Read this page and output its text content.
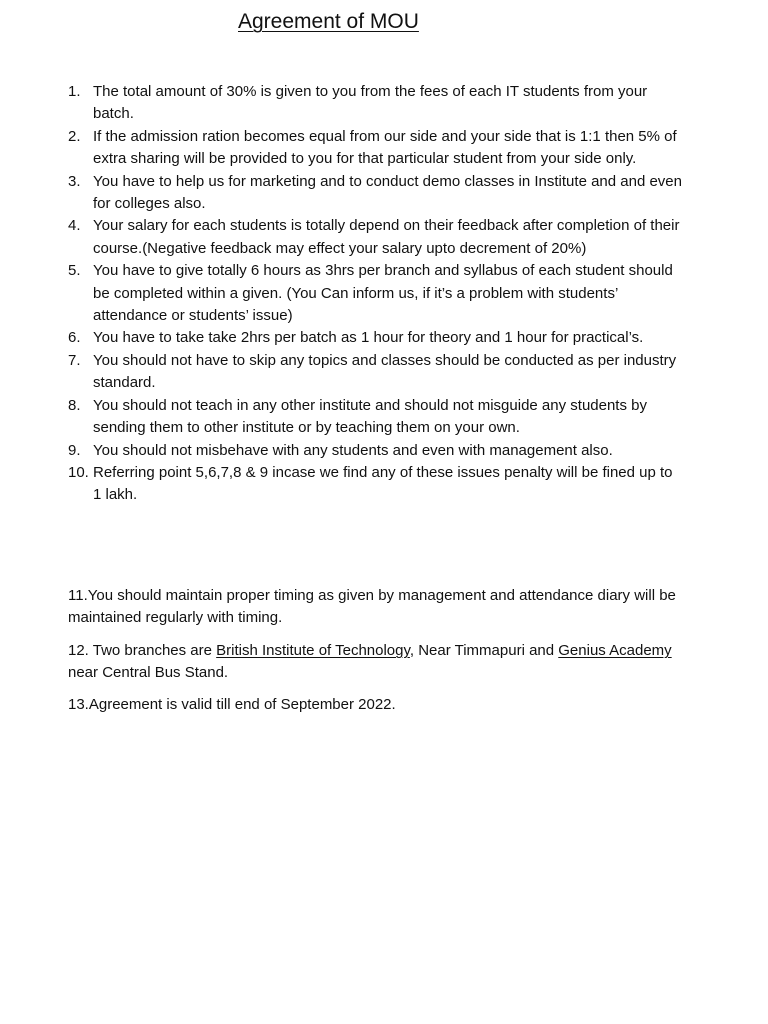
Agreement of MOU
1. The total amount of 30% is given to you from the fees of each IT students from your batch.
2. If the admission ration becomes equal from our side and your side that is 1:1 then 5% of extra sharing will be provided to you for that particular student from your side only.
3. You have to help us for marketing and to conduct demo classes in Institute and and even for colleges also.
4. Your salary for each students is totally depend on their feedback after completion of their course.(Negative feedback may effect your salary upto decrement of 20%)
5. You have to give totally 6 hours as 3hrs per branch and syllabus of each student should be completed within a given. (You Can inform us, if it’s a problem with students’ attendance or students’ issue)
6. You have to take take 2hrs per batch as 1 hour for theory and 1 hour for practical’s.
7. You should not have to skip any topics and classes should be conducted as per industry standard.
8. You should not teach in any other institute and should not misguide any students by sending them to other institute or by teaching them on your own.
9. You should not misbehave with any students and even with management also.
10. Referring point 5,6,7,8 & 9 incase we find any of these issues penalty will be fined up to 1 lakh.

11.You should maintain proper timing as given by management and attendance diary will be maintained regularly with timing.

12. Two branches are British Institute of Technology, Near Timmapuri and Genius Academy near Central Bus Stand.

13.Agreement is valid till end of September 2022.
